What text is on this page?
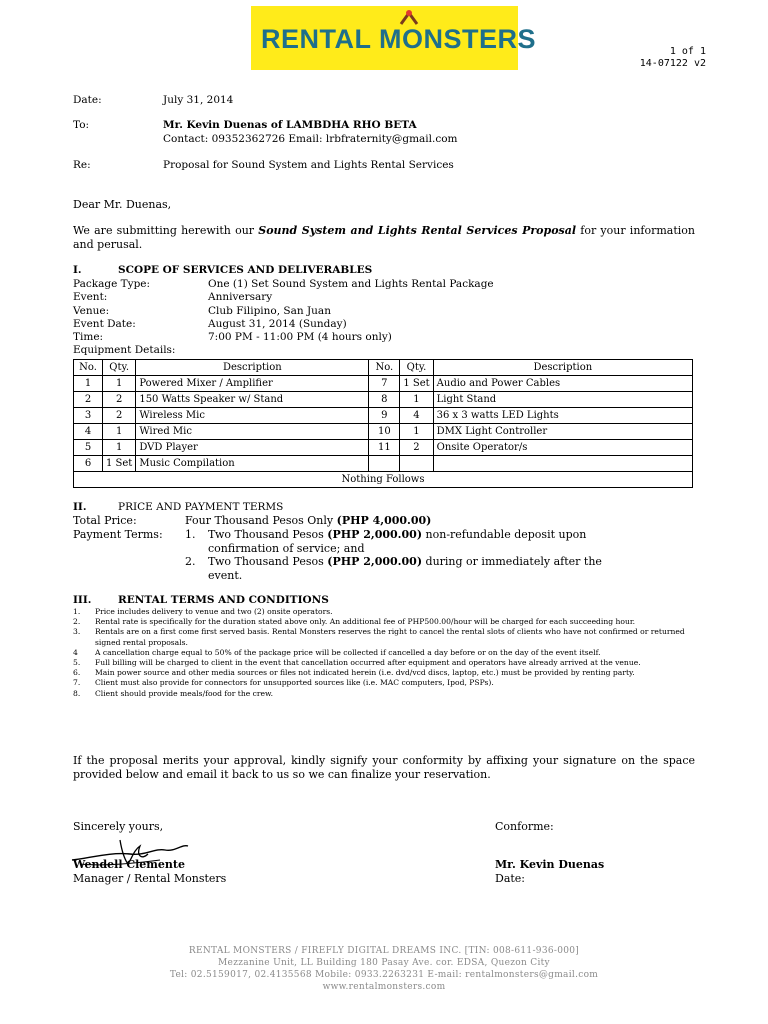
RENTAL MONSTERS	1 of 1
14-07122 v2
Date:	July 31, 2014
To:	Mr. Kevin Duenas of LAMBDHA RHO BETA
Contact: 09352362726 Email: lrbfraternity@gmail.com
Re:	Proposal for Sound System and Lights Rental Services
Dear Mr. Duenas,
We are submitting herewith our Sound System and Lights Rental Services Proposal for your information and perusal.
I.	SCOPE OF SERVICES AND DELIVERABLES
Package Type:	One (1) Set Sound System and Lights Rental Package
Event:	Anniversary
Venue:	Club Filipino, San Juan
Event Date:	August 31, 2014 (Sunday)
Time:	7:00 PM - 11:00 PM (4 hours only)
Equipment Details:
No.	Qty.	Description	No.	Qty.	Description
1	1	Powered Mixer / Amplifier	7	1 Set	Audio and Power Cables
2	2	150 Watts Speaker w/ Stand	8	1	Light Stand
3	2	Wireless Mic	9	4	36 x 3 watts LED Lights
4	1	Wired Mic	10	1	DMX Light Controller
5	1	DVD Player	11	2	Onsite Operator/s
6	1 Set	Music Compilation			
Nothing Follows					
II.	PRICE AND PAYMENT TERMS
Total Price:	Four Thousand Pesos Only (PHP 4,000.00)
Payment Terms: 1. Two Thousand Pesos (PHP 2,000.00) non-refundable deposit upon
confirmation of service; and
2. Two Thousand Pesos (PHP 2,000.00) during or immediately after the
event.
III.	RENTAL TERMS AND CONDITIONS
1.	Price includes delivery to venue and two (2) onsite operators.
2.	Rental rate is specifically for the duration stated above only. An additional fee of PHP500.00/hour will be charged for each succeeding hour.
3.	Rentals are on a first come first served basis. Rental Monsters reserves the right to cancel the rental slots of clients who have not confirmed or returned signed rental proposals.
4	A cancellation charge equal to 50% of the package price will be collected if cancelled a day before or on the day of the event itself.
5.	Full billing will be charged to client in the event that cancellation occurred after equipment and operators have already arrived at the venue.
6.	Main power source and other media sources or files not indicated herein (i.e. dvd/vcd discs, laptop, etc.) must be provided by renting party.
7.	Client must also provide for connectors for unsupported sources like (i.e. MAC computers, Ipod, PSPs).
8.	Client should provide meals/food for the crew.
If the proposal merits your approval, kindly signify your conformity by affixing your signature on the space provided below and email it back to us so we can finalize your reservation.
Sincerely yours,
Wendell Clemente
Manager / Rental Monsters
Conforme:
Mr. Kevin Duenas
Date:
RENTAL MONSTERS / FIREFLY DIGITAL DREAMS INC. [TIN: 008-611-936-000]
Mezzanine Unit, LL Building 180 Pasay Ave. cor. EDSA, Quezon City
Tel: 02.5159017, 02.4135568 Mobile: 0933.2263231 E-mail: rentalmonsters@gmail.com
www.rentalmonsters.com
